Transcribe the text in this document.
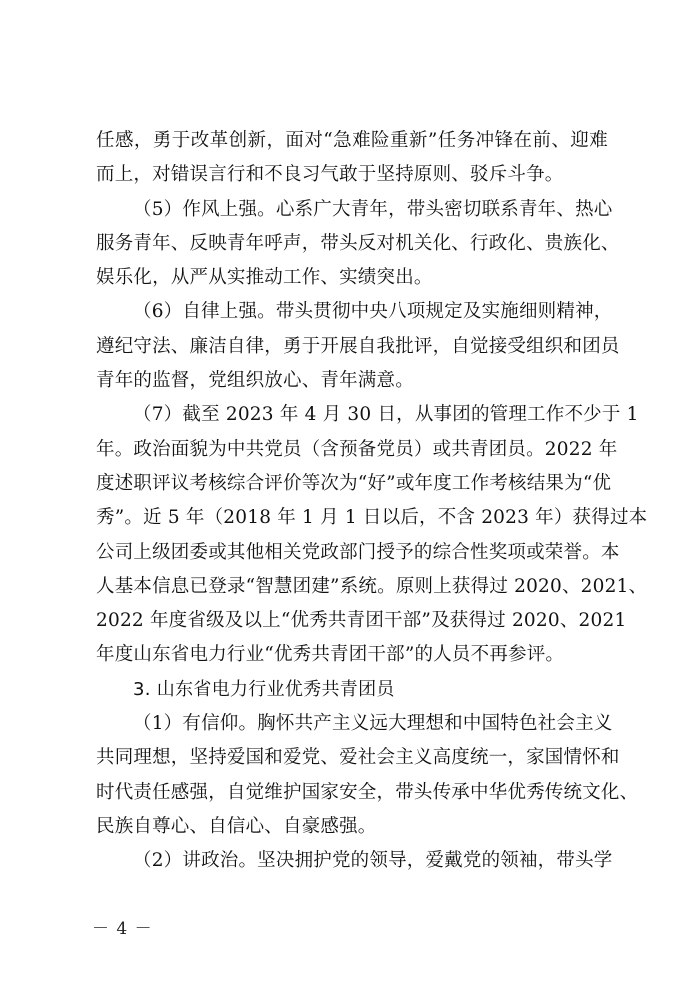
任感，勇于改革创新，面对“急难险重新”任务冲锋在前、迎难
而上，对错误言行和不良习气敢于坚持原则、驳斥斗争。
（5）作风上强。心系广大青年，带头密切联系青年、热心
服务青年、反映青年呼声，带头反对机关化、行政化、贵族化、
娱乐化，从严从实推动工作、实绩突出。
（6）自律上强。带头贯彻中央八项规定及实施细则精神，
遵纪守法、廉洁自律，勇于开展自我批评，自觉接受组织和团员
青年的监督，党组织放心、青年满意。
（7）截至 2023 年 4 月 30 日，从事团的管理工作不少于 1
年。政治面貌为中共党员（含预备党员）或共青团员。2022 年
度述职评议考核综合评价等次为“好”或年度工作考核结果为“优
秀”。近 5 年（2018 年 1 月 1 日以后，不含 2023 年）获得过本
公司上级团委或其他相关党政部门授予的综合性奖项或荣誉。本
人基本信息已登录“智慧团建”系统。原则上获得过 2020、2021、
2022 年度省级及以上“优秀共青团干部”及获得过 2020、2021
年度山东省电力行业“优秀共青团干部”的人员不再参评。
3. 山东省电力行业优秀共青团员
（1）有信仰。胸怀共产主义远大理想和中国特色社会主义
共同理想，坚持爱国和爱党、爱社会主义高度统一，家国情怀和
时代责任感强，自觉维护国家安全，带头传承中华优秀传统文化、
民族自尊心、自信心、自豪感强。
（2）讲政治。坚决拥护党的领导，爱戴党的领袖，带头学
－ 4 －
